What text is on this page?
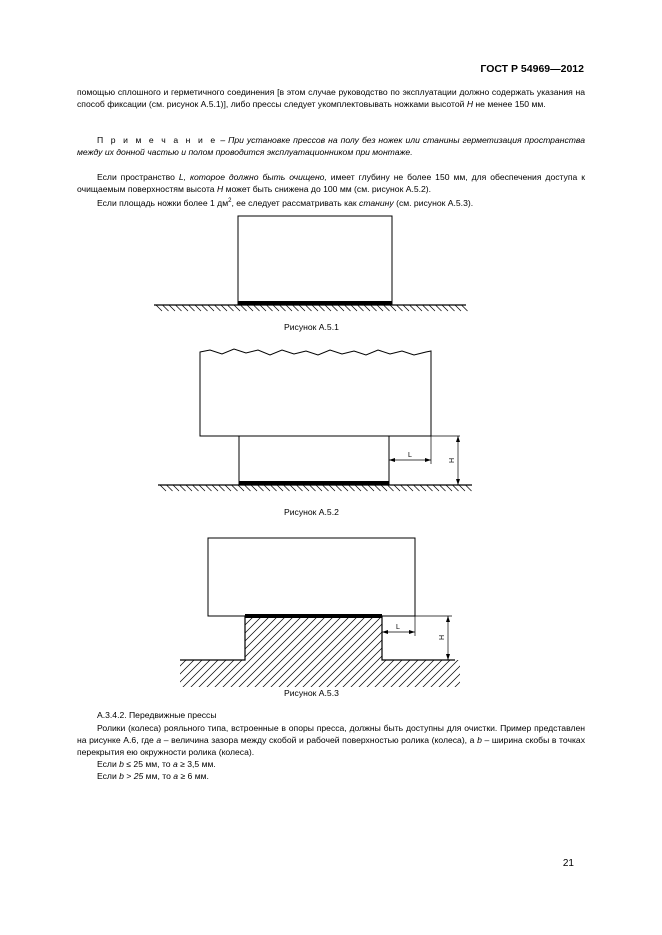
ГОСТ Р 54969—2012

помощью сплошного и герметичного соединения [в этом случае руководство по эксплуатации должно содержать указания на способ фиксации (см. рисунок А.5.1)], либо прессы следует укомплектовывать ножками высотой H не менее 150 мм.

П р и м е ч а н и е – При установке прессов на полу без ножек или станины герметизация пространства между их донной частью и полом проводится эксплуатационником при монтаже.

Если пространство L, которое должно быть очищено, имеет глубину не более 150 мм, для обеспечения доступа к очищаемым поверхностям высота H может быть снижена до 100 мм (см. рисунок А.5.2).

Если площадь ножки более 1 $дм^2$, ее следует рассматривать как станину (см. рисунок А.5.3).

Рисунок А.5.1
L
H
Рисунок А.5.2
L
H
Рисунок А.5.3
А.3.4.2. Передвижные прессы

Ролики (колеса) рояльного типа, встроенные в опоры пресса, должны быть доступны для очистки. Пример представлен на рисунке А.6, где a – величина зазора между скобой и рабочей поверхностью ролика (колеса), а b – ширина скобы в точках перекрытия ею окружности ролика (колеса).

Если b ≤ 25 мм, то a ≥ 3,5 мм.

Если b > 25 мм, то a ≥ 6 мм.

21
